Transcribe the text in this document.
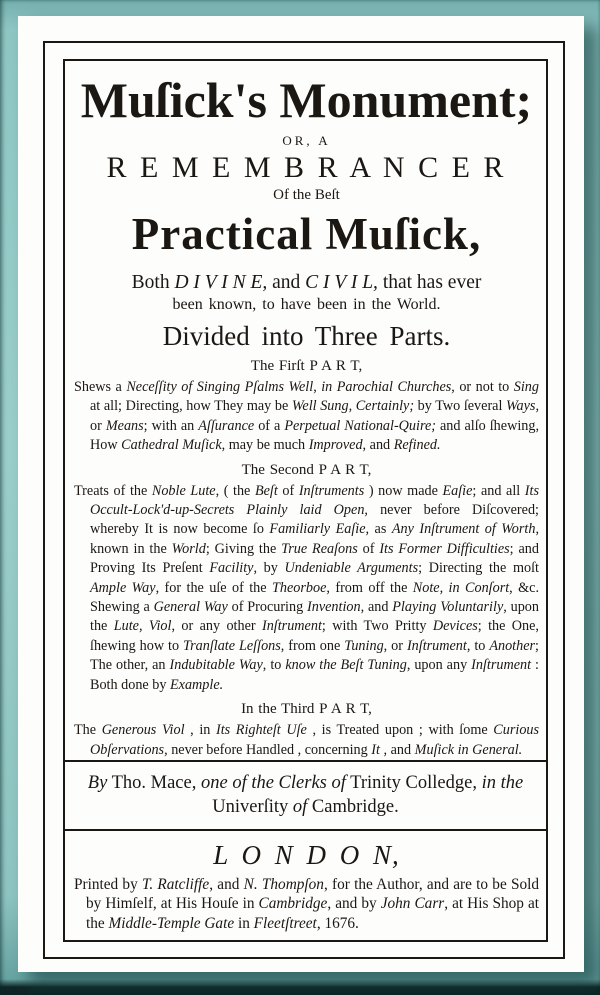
Muſick's Monument;
OR, A
R E M E M B R A N C E R
Of the Beſt
Practical Muſick,
Both D I V I N E, and C I V I L, that has ever
been known, to have been in the World.
Divided into Three Parts.
The Firſt P A R T,
Shews a Neceſſity of Singing Pſalms Well, in Parochial Churches, or not to Sing at all; Directing, how They may be Well Sung, Certainly; by Two ſeveral Ways, or Means; with an Aſſurance of a Perpetual National-Quire; and alſo ſhewing, How Cathedral Muſick, may be much Improved, and Refined.
The Second P A R T,
Treats of the Noble Lute, ( the Beſt of Inſtruments ) now made Eaſie; and all Its Occult-Lock'd-up-Secrets Plainly laid Open, never before Diſcovered; whereby It is now become ſo Familiarly Eaſie, as Any Inſtrument of Worth, known in the World; Giving the True Reaſons of Its Former Difficulties; and Proving Its Preſent Facility, by Undeniable Arguments; Directing the moſt Ample Way, for the uſe of the Theorboe, from off the Note, in Conſort, &c. Shewing a General Way of Procuring Invention, and Playing Voluntarily, upon the Lute, Viol, or any other Inſtrument; with Two Pritty Devices; the One, ſhewing how to Tranſlate Leſſons, from one Tuning, or Inſtrument, to Another; The other, an Indubitable Way, to know the Beſt Tuning, upon any Inſtrument : Both done by Example.
In the Third P A R T,
The Generous Viol , in Its Righteſt Uſe , is Treated upon ; with ſome Curious Obſervations, never before Handled , concerning It , and Muſick in General.
By Tho. Mace, one of the Clerks of Trinity Colledge, in the Univerſity of Cambridge.
L O N D O N,
Printed by T. Ratcliffe, and N. Thompſon, for the Author, and are to be Sold by Himſelf, at His Houſe in Cambridge, and by John Carr, at His Shop at the Middle-Temple Gate in Fleetſtreet, 1676.
